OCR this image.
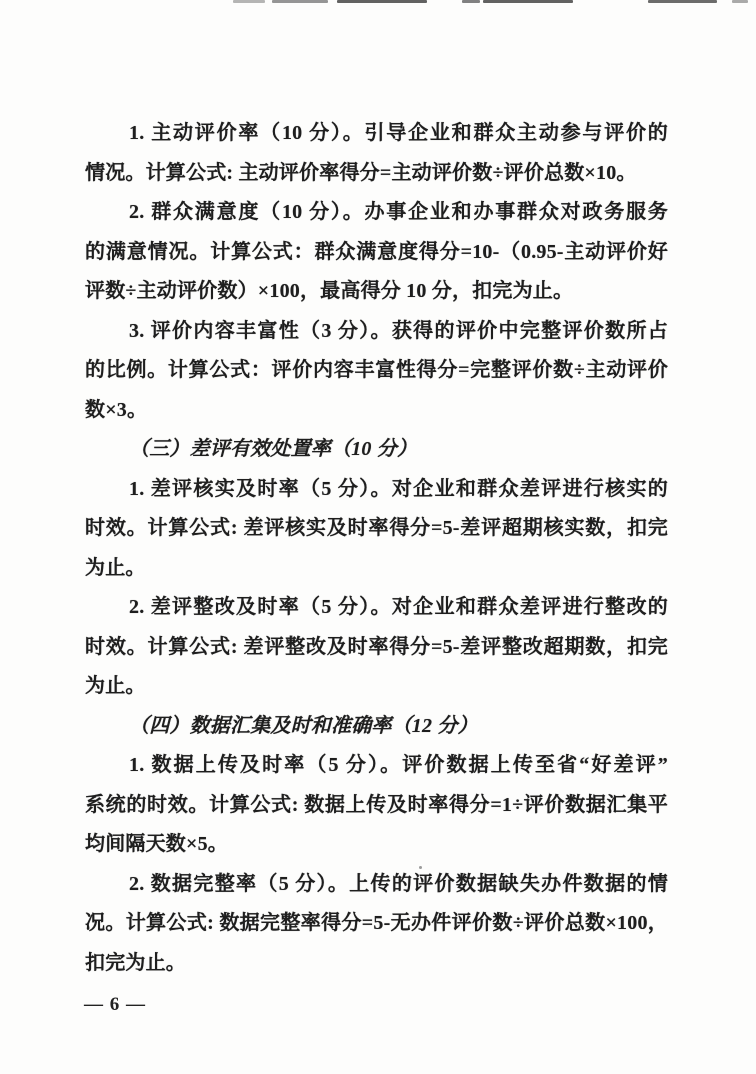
1. 主动评价率（10 分）。引导企业和群众主动参与评价的
情况。计算公式: 主动评价率得分=主动评价数÷评价总数×10。
2. 群众满意度（10 分）。办事企业和办事群众对政务服务
的满意情况。计算公式：群众满意度得分=10-（0.95-主动评价好
评数÷主动评价数）×100，最高得分 10 分，扣完为止。
3. 评价内容丰富性（3 分）。获得的评价中完整评价数所占
的比例。计算公式：评价内容丰富性得分=完整评价数÷主动评价
数×3。
（三）差评有效处置率（10 分）
1. 差评核实及时率（5 分）。对企业和群众差评进行核实的
时效。计算公式: 差评核实及时率得分=5-差评超期核实数，扣完
为止。
2. 差评整改及时率（5 分）。对企业和群众差评进行整改的
时效。计算公式: 差评整改及时率得分=5-差评整改超期数，扣完
为止。
（四）数据汇集及时和准确率（12 分）
1. 数据上传及时率（5 分）。评价数据上传至省“好差评”
系统的时效。计算公式: 数据上传及时率得分=1÷评价数据汇集平
均间隔天数×5。
2. 数据完整率（5 分）。上传的评价数据缺失办件数据的情
况。计算公式: 数据完整率得分=5-无办件评价数÷评价总数×100，
扣完为止。
— 6 —
